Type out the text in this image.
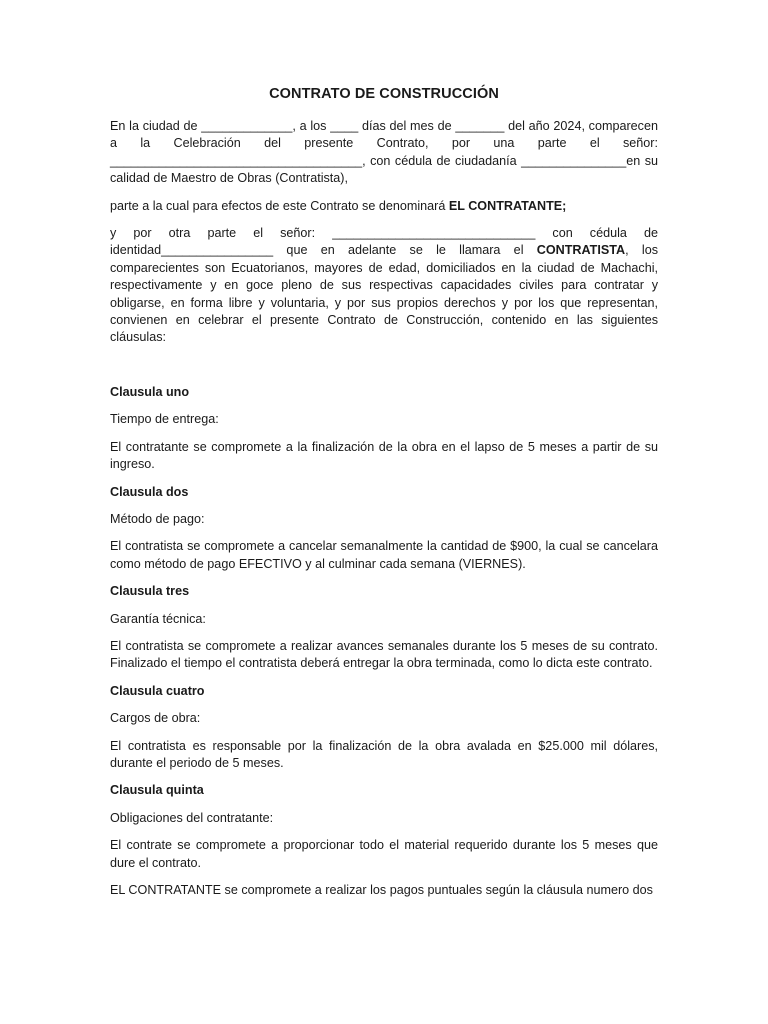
CONTRATO DE CONSTRUCCIÓN

En la ciudad de _____________, a los ____ días del mes de _______ del año 2024, comparecen
a la Celebración del presente Contrato, por una parte el señor:
____________________________________, con cédula de ciudadanía _______________en su
calidad de Maestro de Obras (Contratista),

parte a la cual para efectos de este Contrato se denominará EL CONTRATANTE;

y por otra parte el señor: _____________________________ con cédula de
identidad________________ que en adelante se le llamara el CONTRATISTA, los
comparecientes son Ecuatorianos, mayores de edad, domiciliados en la ciudad de Machachi, respectivamente y en goce pleno de sus respectivas capacidades civiles para contratar y obligarse, en forma libre y voluntaria, y por sus propios derechos y por los que representan, convienen en celebrar el presente Contrato de Construcción, contenido en las siguientes cláusulas:

Clausula uno

Tiempo de entrega:

El contratante se compromete a la finalización de la obra en el lapso de 5 meses a partir de su ingreso.

Clausula dos

Método de pago:

El contratista se compromete a cancelar semanalmente la cantidad de $900, la cual se cancelara como método de pago EFECTIVO y al culminar cada semana (VIERNES).

Clausula tres

Garantía técnica:

El contratista se compromete a realizar avances semanales durante los 5 meses de su contrato. Finalizado el tiempo el contratista deberá entregar la obra terminada, como lo dicta este contrato.

Clausula cuatro

Cargos de obra:

El contratista es responsable por la finalización de la obra avalada en $25.000 mil dólares, durante el periodo de 5 meses.

Clausula quinta

Obligaciones del contratante:

El contrate se compromete a proporcionar todo el material requerido durante los 5 meses que dure el contrato.

EL CONTRATANTE se compromete a realizar los pagos puntuales según la cláusula numero dos
